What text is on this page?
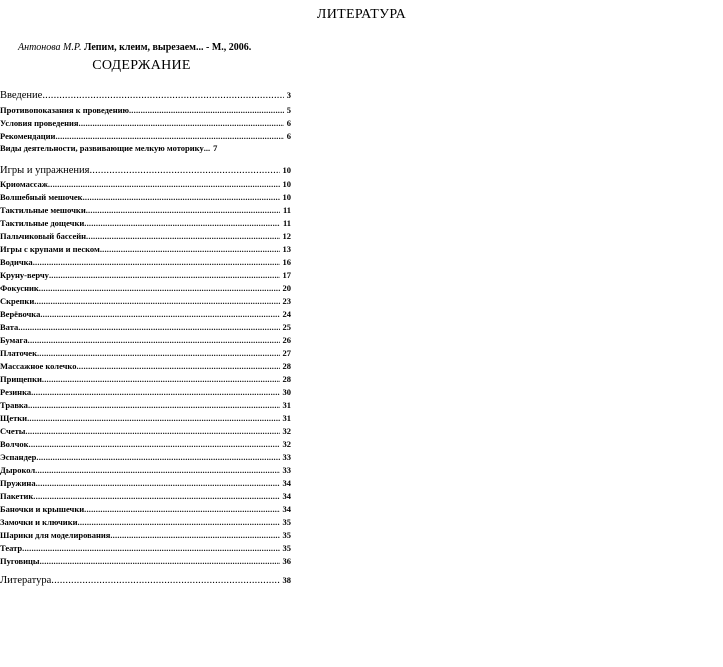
ЛИТЕРАТУРА
Антонова М.Р. Лепим, клеим, вырезаем... - М., 2006.
СОДЕРЖАНИЕ
Введение .....	3
Противопоказания к проведению .....	5
Условия проведения .....	6
Рекомендации .....	6
Виды деятельности, развивающие мелкую моторику ... 7
Игры и упражнения .....	10
Криомассаж .....	10
Волшебный мешочек .....	10
Тактильные мешочки .....	11
Тактильные дощечки .....	11
Пальчиковый бассейн .....	12
Игры с крупами и песком .....	13
Водичка .....	16
Круну-верчу .....	17
Фокусник .....	20
Скрепки .....	23
Верёвочка .....	24
Вата .....	25
Бумага .....	26
Платочек .....	27
Массажное колечко .....	28
Прищепки .....	28
Резинка .....	30
Травка .....	31
Щетки .....	31
Счеты .....	32
Волчок .....	32
Эспандер .....	33
Дырокол .....	33
Пружина .....	34
Пакетик .....	34
Баночки и крышечки .....	34
Замочки и ключики .....	35
Шарики для моделирования .....	35
Театр .....	35
Пуговицы .....	36
Литература .....	38
